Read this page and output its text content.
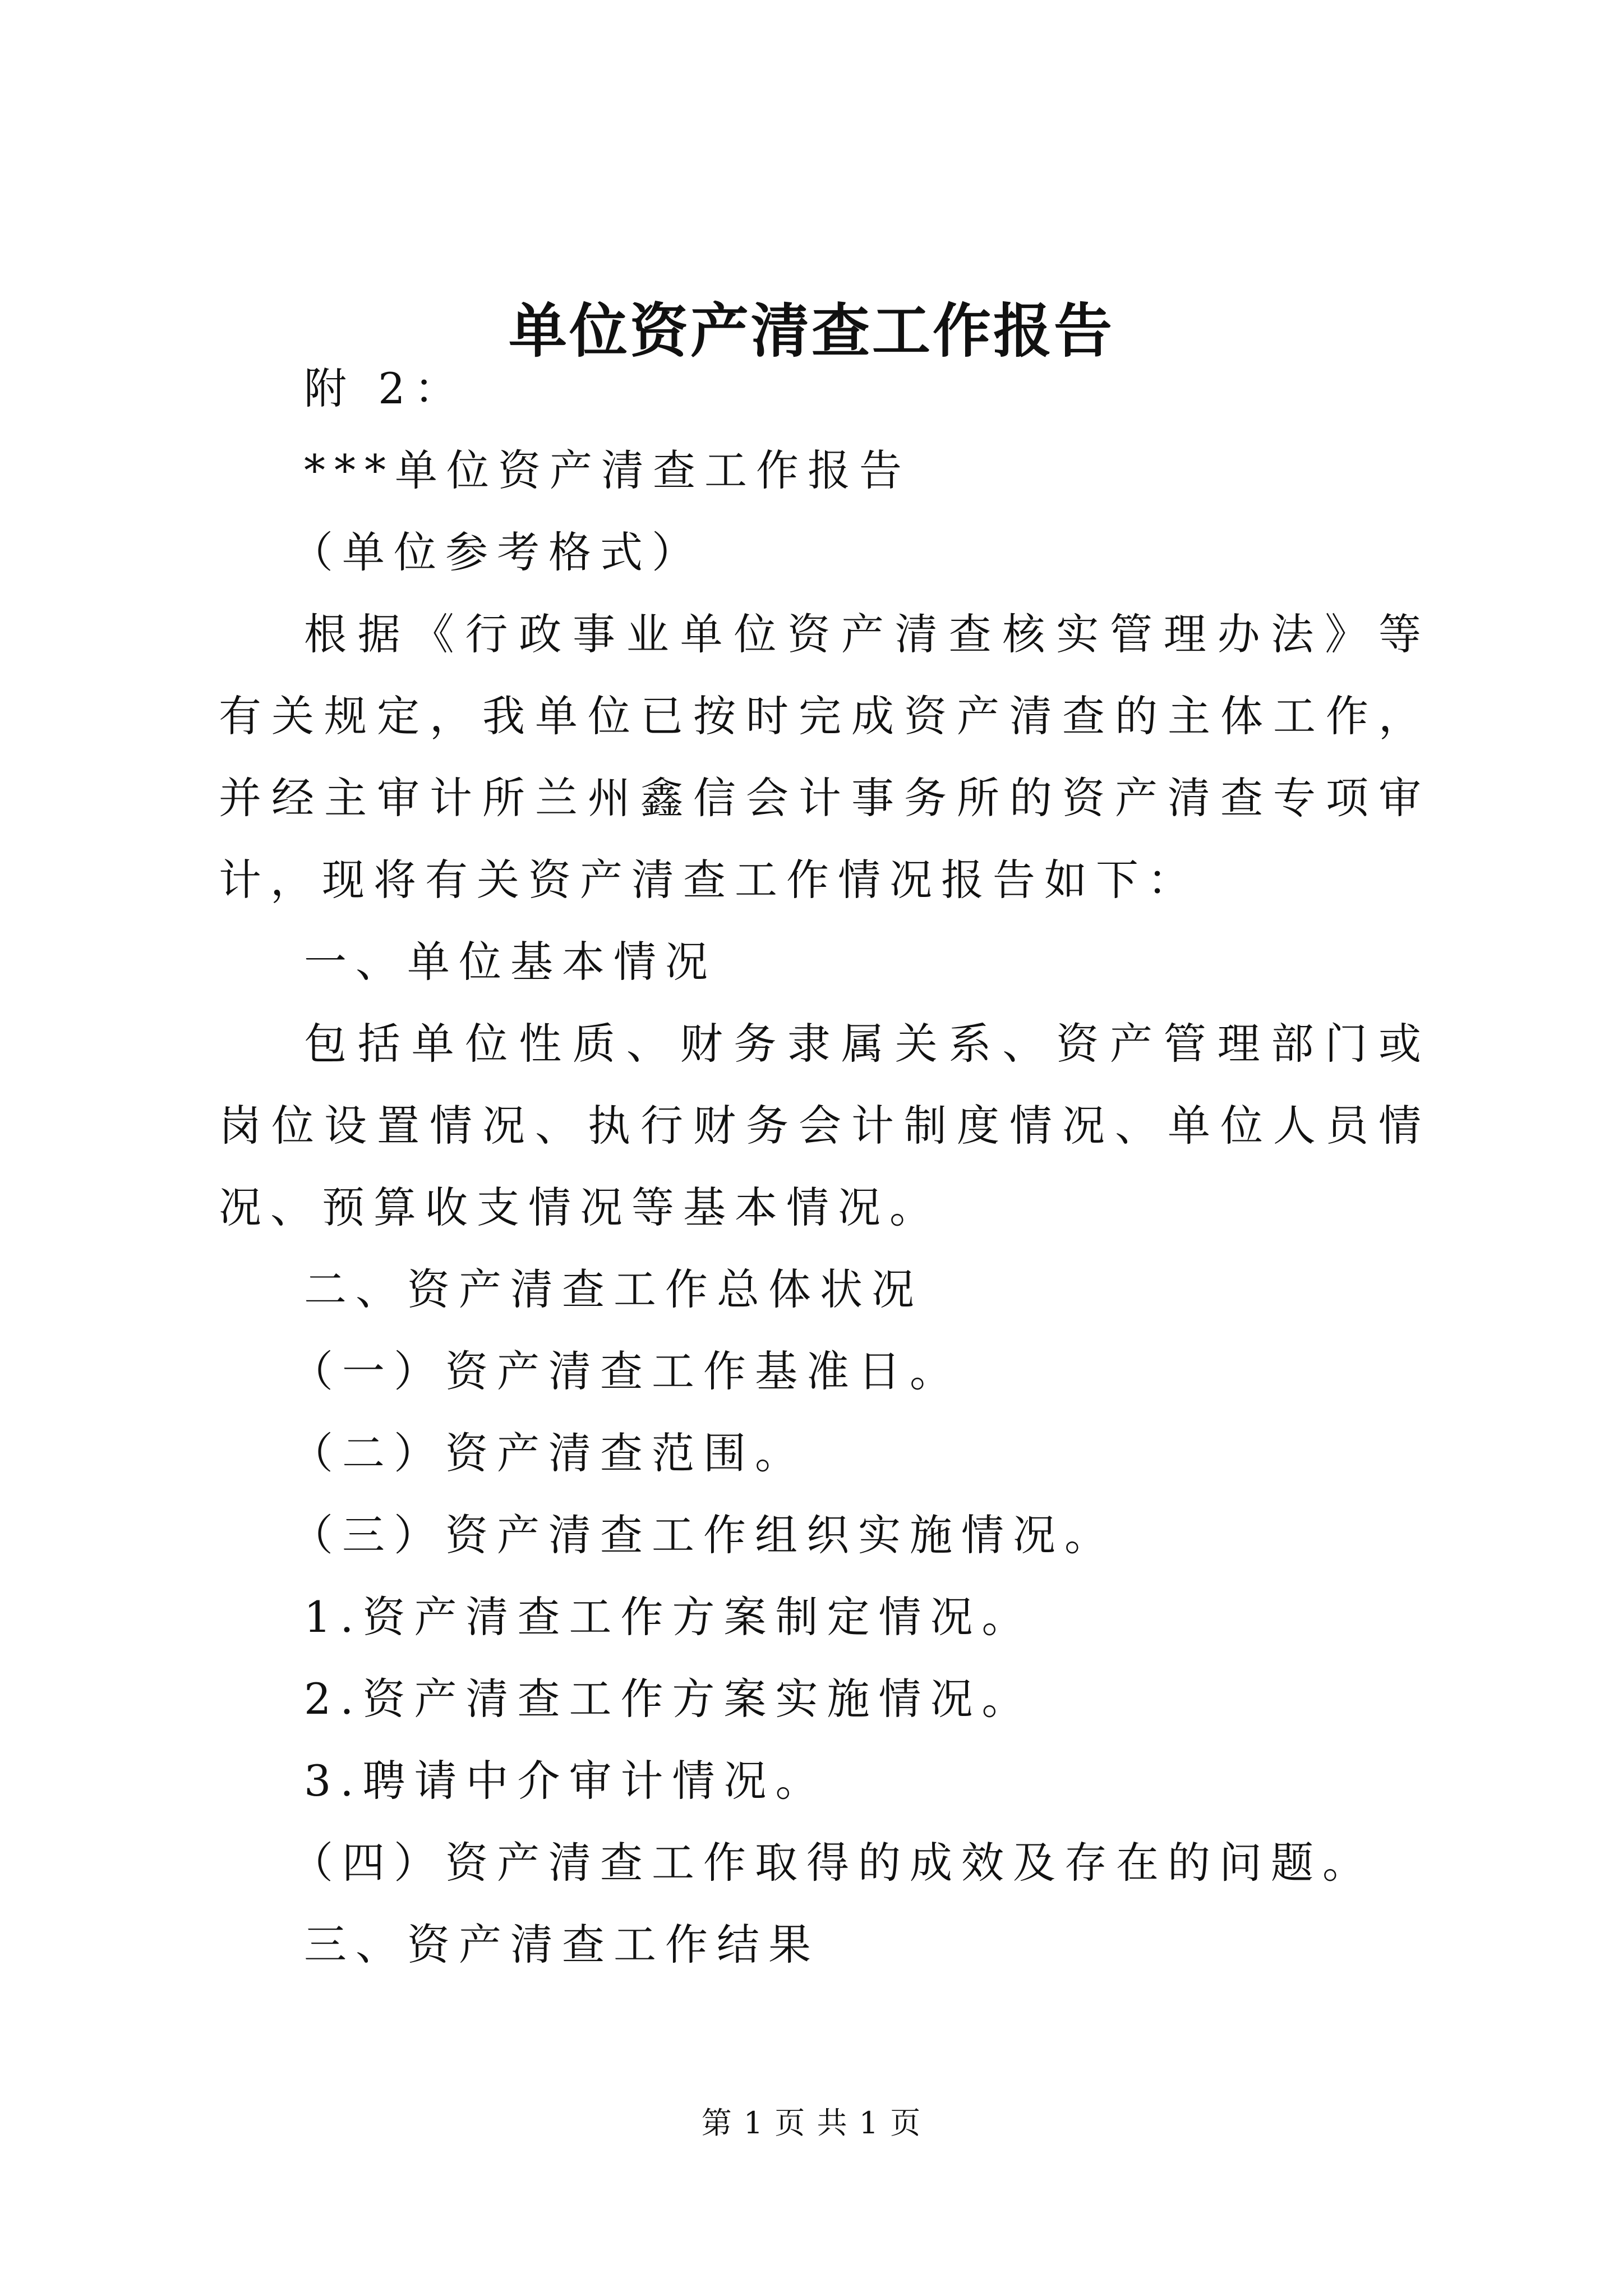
单位资产清查工作报告

附 2：

***单位资产清查工作报告

（单位参考格式）

根据《行政事业单位资产清查核实管理办法》等有关规定，我单位已按时完成资产清查的主体工作，并经主审计所兰州鑫信会计事务所的资产清查专项审计，现将有关资产清查工作情况报告如下：

一、单位基本情况

包括单位性质、财务隶属关系、资产管理部门或岗位设置情况、执行财务会计制度情况、单位人员情况、预算收支情况等基本情况。

二、资产清查工作总体状况

（一）资产清查工作基准日。

（二）资产清查范围。

（三）资产清查工作组织实施情况。

1.资产清查工作方案制定情况。

2.资产清查工作方案实施情况。

3.聘请中介审计情况。

（四）资产清查工作取得的成效及存在的问题。

三、资产清查工作结果

第 1 页 共 1 页
